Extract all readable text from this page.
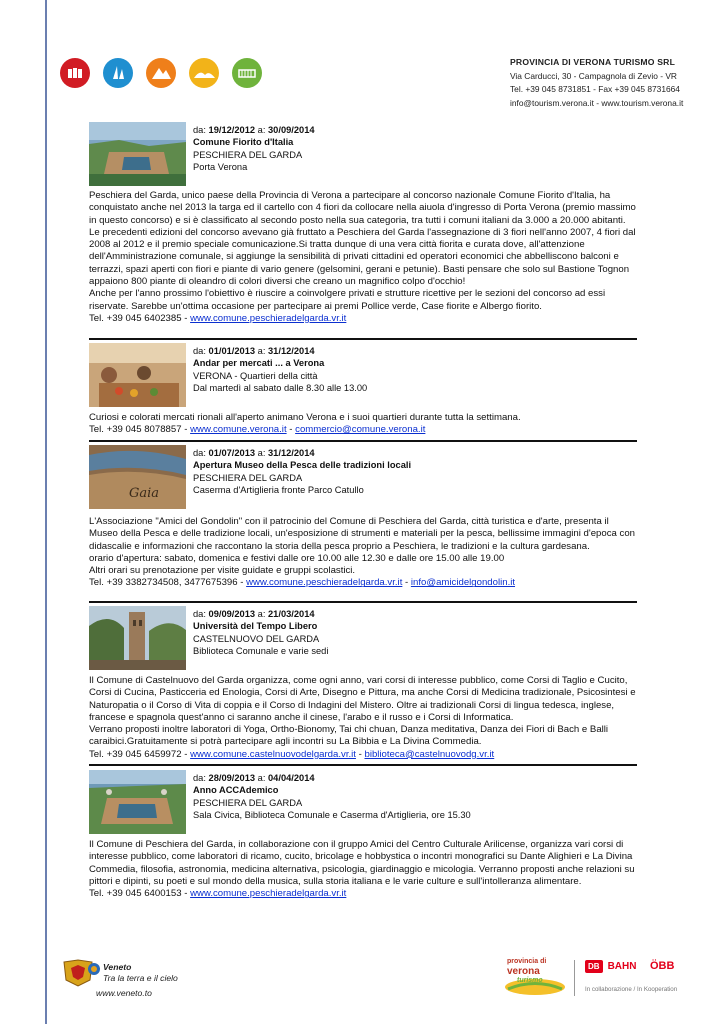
PROVINCIA DI VERONA TURISMO SRL
Via Carducci, 30 - Campagnola di Zevio - VR
Tel. +39 045 8731851 - Fax +39 045 8731664
info@tourism.verona.it - www.tourism.verona.it
da: 19/12/2012 a: 30/09/2014
Comune Fiorito d'Italia
PESCHIERA DEL GARDA
Porta Verona

Peschiera del Garda, unico paese della Provincia di Verona a partecipare al concorso nazionale Comune Fiorito d'Italia, ha conquistato anche nel 2013 la targa ed il cartello con 4 fiori da collocare nella aiuola d'ingresso di Porta Verona (premio massimo in questo concorso) e si è classificato al secondo posto nella sua categoria, tra tutti i comuni italiani da 3.000 a 20.000 abitanti.
Le precedenti edizioni del concorso avevano già fruttato a Peschiera del Garda l'assegnazione di 3 fiori nell'anno 2007, 4 fiori dal 2008 al 2012 e il premio speciale comunicazione.Si tratta dunque di una vera città fiorita e curata dove, all'attenzione dell'Amministrazione comunale, si aggiunge la sensibilità di privati cittadini ed operatori economici che abbelliscono balconi e terrazzi, spazi aperti con fiori e piante di vario genere (gelsomini, gerani e petunie). Basti pensare che solo sul Bastione Tognon appaiono 800 piante di oleandro di colori diversi che creano un magnifico colpo d'occhio!
Anche per l'anno prossimo l'obiettivo è riuscire a coinvolgere privati e strutture ricettive per le sezioni del concorso ad essi riservate. Sarebbe un'ottima occasione per partecipare ai premi Pollice verde, Case fiorite e Albergo fiorito.

Tel. +39 045 6402385 - www.comune.peschieradelgarda.vr.it

da: 01/01/2013 a: 31/12/2014
Andar per mercati ... a Verona
VERONA - Quartieri della città
Dal martedì al sabato dalle 8.30 alle 13.00

Curiosi e colorati mercati rionali all'aperto animano Verona e i suoi quartieri durante tutta la settimana.

Tel. +39 045 8078857 - www.comune.verona.it - commercio@comune.verona.it

Gaia
da: 01/07/2013 a: 31/12/2014
Apertura Museo della Pesca delle tradizioni locali
PESCHIERA DEL GARDA
Caserma d'Artiglieria fronte Parco Catullo

L'Associazione "Amici del Gondolin" con il patrocinio del Comune di Peschiera del Garda, città turistica e d'arte, presenta il Museo della Pesca e delle tradizione locali, un'esposizione di strumenti e materiali per la pesca, bellissime immagini d'epoca con didascalie e informazioni che raccontano la storia della pesca proprio a Peschiera, le tradizioni e la cultura gardesana.
orario d'apertura: sabato, domenica e festivi dalle ore 10.00 alle 12.30 e dalle ore 15.00 alle 19.00
Altri orari su prenotazione per visite guidate e gruppi scolastici.

Tel. +39 3382734508, 3477675396 - www.comune.peschieradelgarda.vr.it - info@amicidelgondolin.it

da: 09/09/2013 a: 21/03/2014
Università del Tempo Libero
CASTELNUOVO DEL GARDA
Biblioteca Comunale e varie sedi

Il Comune di Castelnuovo del Garda organizza, come ogni anno, vari corsi di interesse pubblico, come Corsi di Taglio e Cucito, Corsi di Cucina, Pasticceria ed Enologia, Corsi di Arte, Disegno e Pittura, ma anche Corsi di Medicina tradizionale, Psicosintesi e Naturopatia o il Corso di Vita di coppia e il Corso di Indagini del Mistero. Oltre ai tradizionali Corsi di lingua tedesca, inglese, francese e spagnola quest'anno ci saranno anche il cinese, l'arabo e il russo e i Corsi di Informatica.
Verrano proposti inoltre laboratori di Yoga, Ortho-Bionomy, Tai chi chuan, Danza meditativa, Danza dei Fiori di Bach e Balli caraibici.Gratuitamente si potrà partecipare agli incontri su La Bibbia e La Divina Commedia.

Tel. +39 045 6459972 - www.comune.castelnuovodelgarda.vr.it - biblioteca@castelnuovodg.vr.it

da: 28/09/2013 a: 04/04/2014
Anno ACCAdemico
PESCHIERA DEL GARDA
Sala Civica, Biblioteca Comunale e Caserma d'Artiglieria, ore 15.30

Il Comune di Peschiera del Garda, in collaborazione con il gruppo Amici del Centro Culturale Arilicense, organizza vari corsi di interesse pubblico, come laboratori di ricamo, cucito, bricolage e hobbystica o incontri monografici su Dante Alighieri e La Divina Commedia, filosofia, astronomia, medicina alternativa, psicologia, giardinaggio e micologia. Verranno proposti anche relazioni su pittori e dipinti, su poeti e sul mondo della musica, sulla storia italiana e le varie culture e sull'intolleranza alimentare.

Tel. +39 045 6400153 - www.comune.peschieradelgarda.vr.it

Veneto
Tra la terra e il cielo
www.veneto.to
provincia di
verona
turismo
DB BAHN ÖBB
In collaborazione / In Kooperation
